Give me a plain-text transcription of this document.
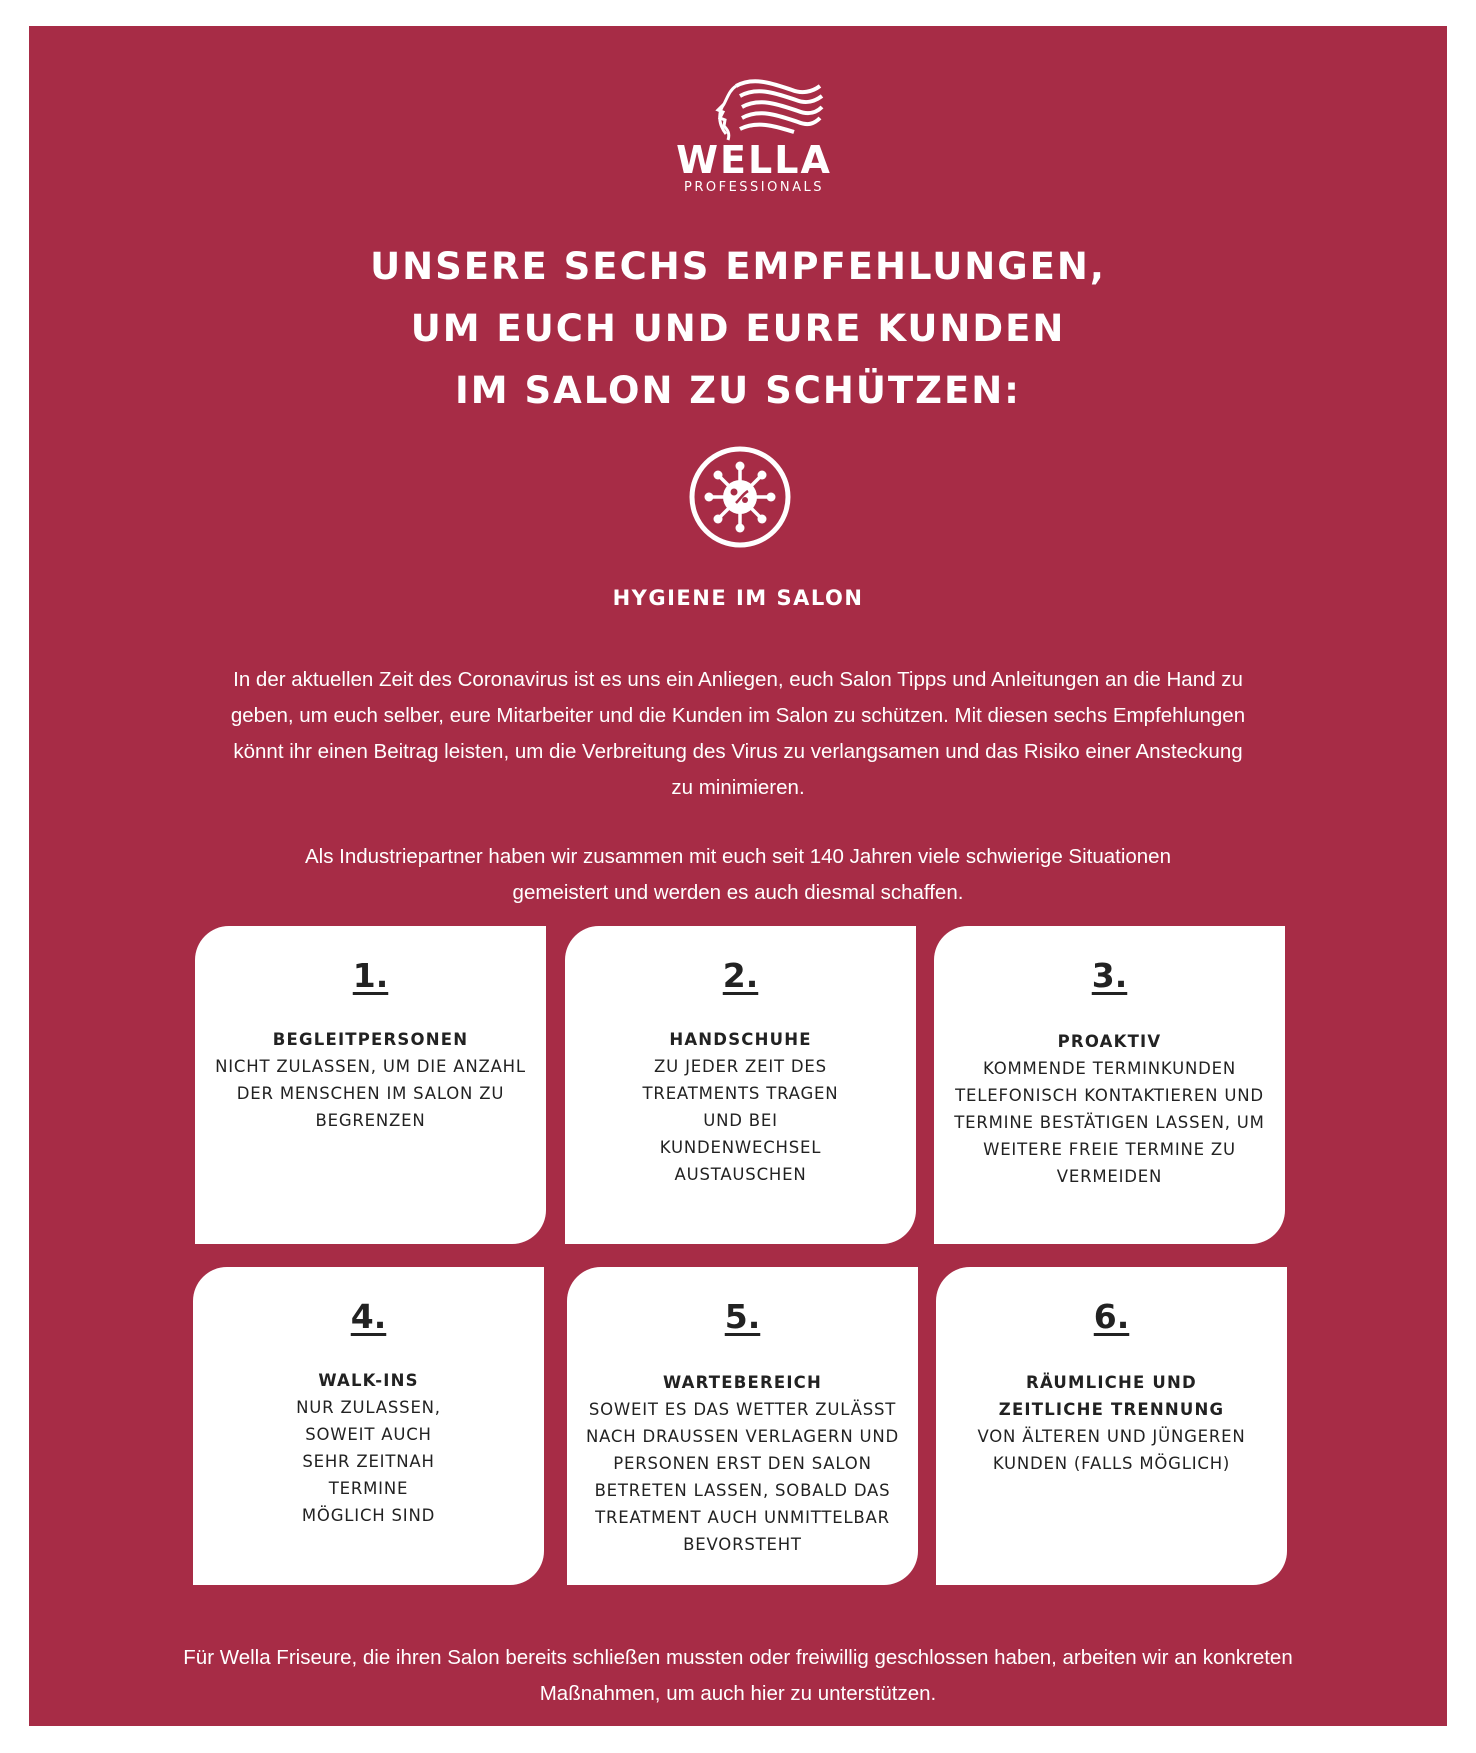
WELLA
PROFESSIONALS
UNSERE SECHS EMPFEHLUNGEN,
UM EUCH UND EURE KUNDEN
IM SALON ZU SCHÜTZEN:
HYGIENE IM SALON

In der aktuellen Zeit des Coronavirus ist es uns ein Anliegen, euch Salon Tipps und Anleitungen an die Hand zu geben, um euch selber, eure Mitarbeiter und die Kunden im Salon zu schützen. Mit diesen sechs Empfehlungen könnt ihr einen Beitrag leisten, um die Verbreitung des Virus zu verlangsamen und das Risiko einer Ansteckung zu minimieren.

Als Industriepartner haben wir zusammen mit euch seit 140 Jahren viele schwierige Situationen gemeistert und werden es auch diesmal schaffen.

1.
BEGLEITPERSONEN
NICHT ZULASSEN, UM DIE ANZAHL DER MENSCHEN IM SALON ZU BEGRENZEN
2.
HANDSCHUHE
ZU JEDER ZEIT DES TREATMENTS TRAGEN UND BEI KUNDENWECHSEL AUSTAUSCHEN
3.
PROAKTIV
KOMMENDE TERMINKUNDEN TELEFONISCH KONTAKTIEREN UND TERMINE BESTÄTIGEN LASSEN, UM WEITERE FREIE TERMINE ZU VERMEIDEN
4.
WALK-INS
NUR ZULASSEN, SOWEIT AUCH SEHR ZEITNAH TERMINE MÖGLICH SIND
5.
WARTEBEREICH
SOWEIT ES DAS WETTER ZULÄSST NACH DRAUSSEN VERLAGERN UND PERSONEN ERST DEN SALON BETRETEN LASSEN, SOBALD DAS TREATMENT AUCH UNMITTELBAR BEVORSTEHT
6.
RÄUMLICHE UND ZEITLICHE TRENNUNG
VON ÄLTEREN UND JÜNGEREN KUNDEN (FALLS MÖGLICH)

Für Wella Friseure, die ihren Salon bereits schließen mussten oder freiwillig geschlossen haben, arbeiten wir an konkreten Maßnahmen, um auch hier zu unterstützen.
